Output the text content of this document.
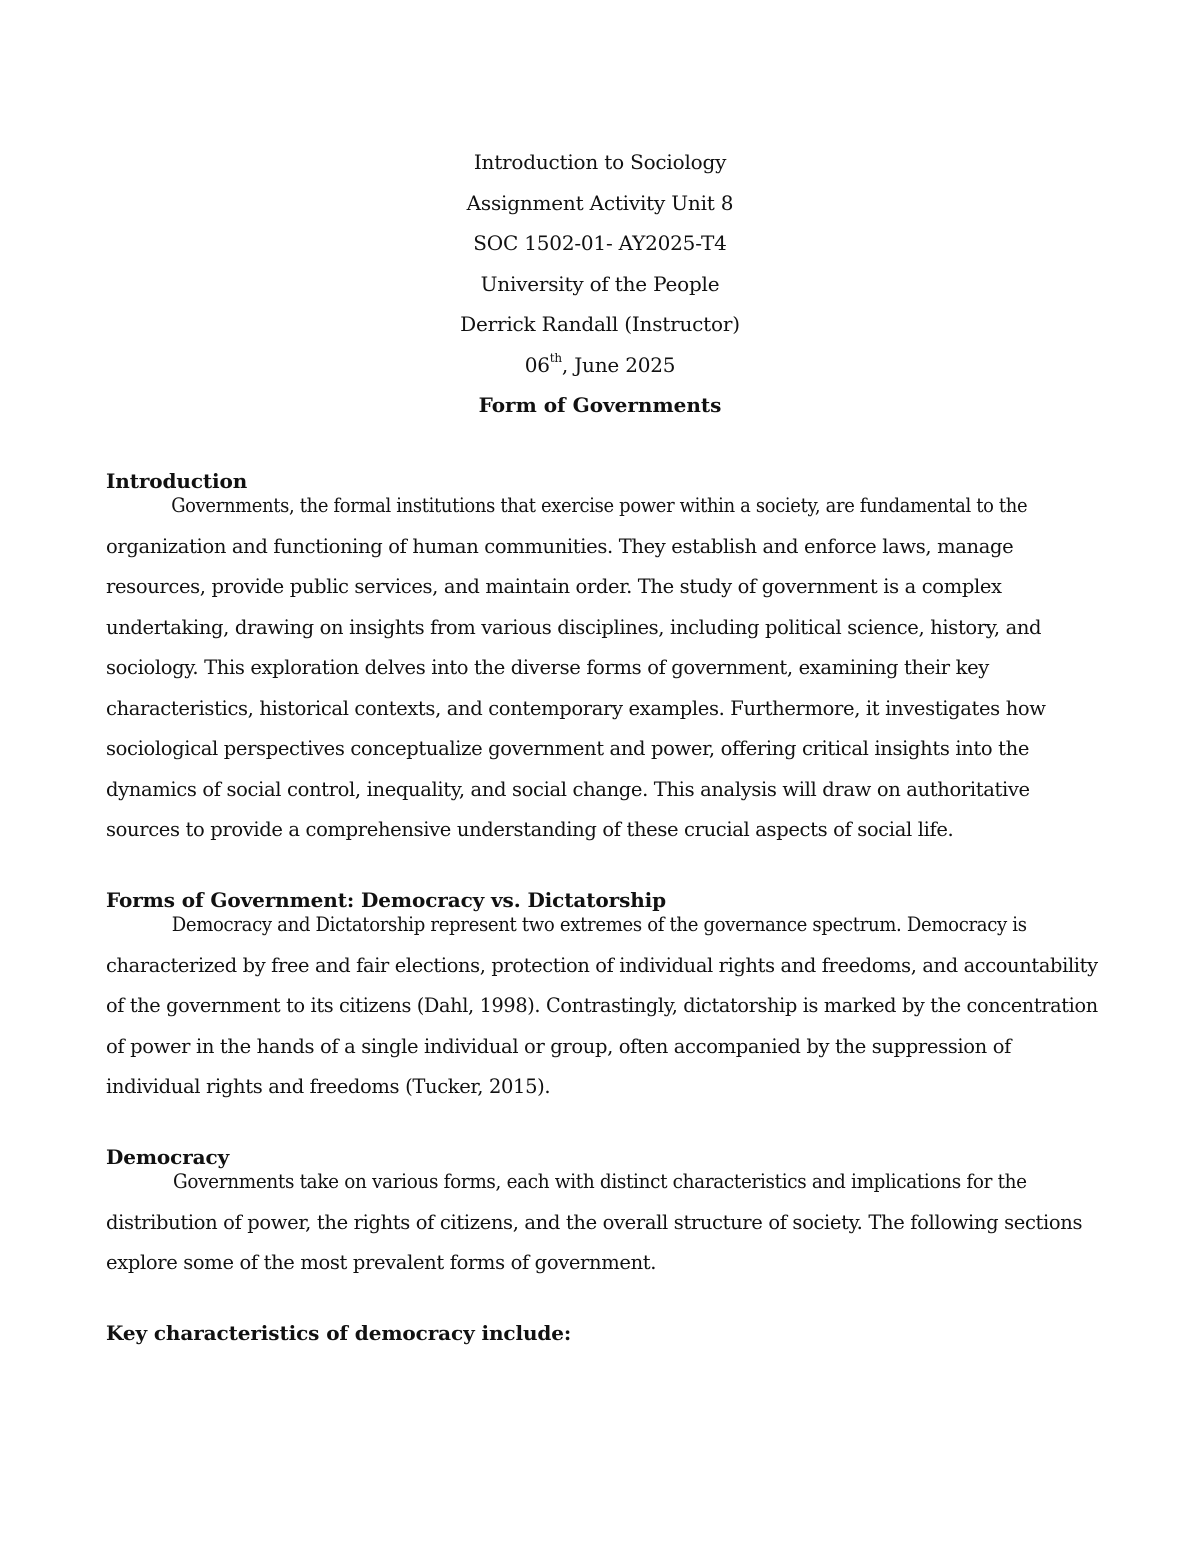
Introduction to Sociology
Assignment Activity Unit 8
SOC 1502-01- AY2025-T4
University of the People
Derrick Randall (Instructor)
06th, June 2025
Form of Governments
Introduction
Governments, the formal institutions that exercise power within a society, are fundamental to the
organization and functioning of human communities. They establish and enforce laws, manage
resources, provide public services, and maintain order. The study of government is a complex
undertaking, drawing on insights from various disciplines, including political science, history, and
sociology. This exploration delves into the diverse forms of government, examining their key
characteristics, historical contexts, and contemporary examples. Furthermore, it investigates how
sociological perspectives conceptualize government and power, offering critical insights into the
dynamics of social control, inequality, and social change. This analysis will draw on authoritative
sources to provide a comprehensive understanding of these crucial aspects of social life.
Forms of Government: Democracy vs. Dictatorship
Democracy and Dictatorship represent two extremes of the governance spectrum. Democracy is
characterized by free and fair elections, protection of individual rights and freedoms, and accountability
of the government to its citizens (Dahl, 1998). Contrastingly, dictatorship is marked by the concentration
of power in the hands of a single individual or group, often accompanied by the suppression of
individual rights and freedoms (Tucker, 2015).
Democracy
Governments take on various forms, each with distinct characteristics and implications for the
distribution of power, the rights of citizens, and the overall structure of society. The following sections
explore some of the most prevalent forms of government.
Key characteristics of democracy include:
